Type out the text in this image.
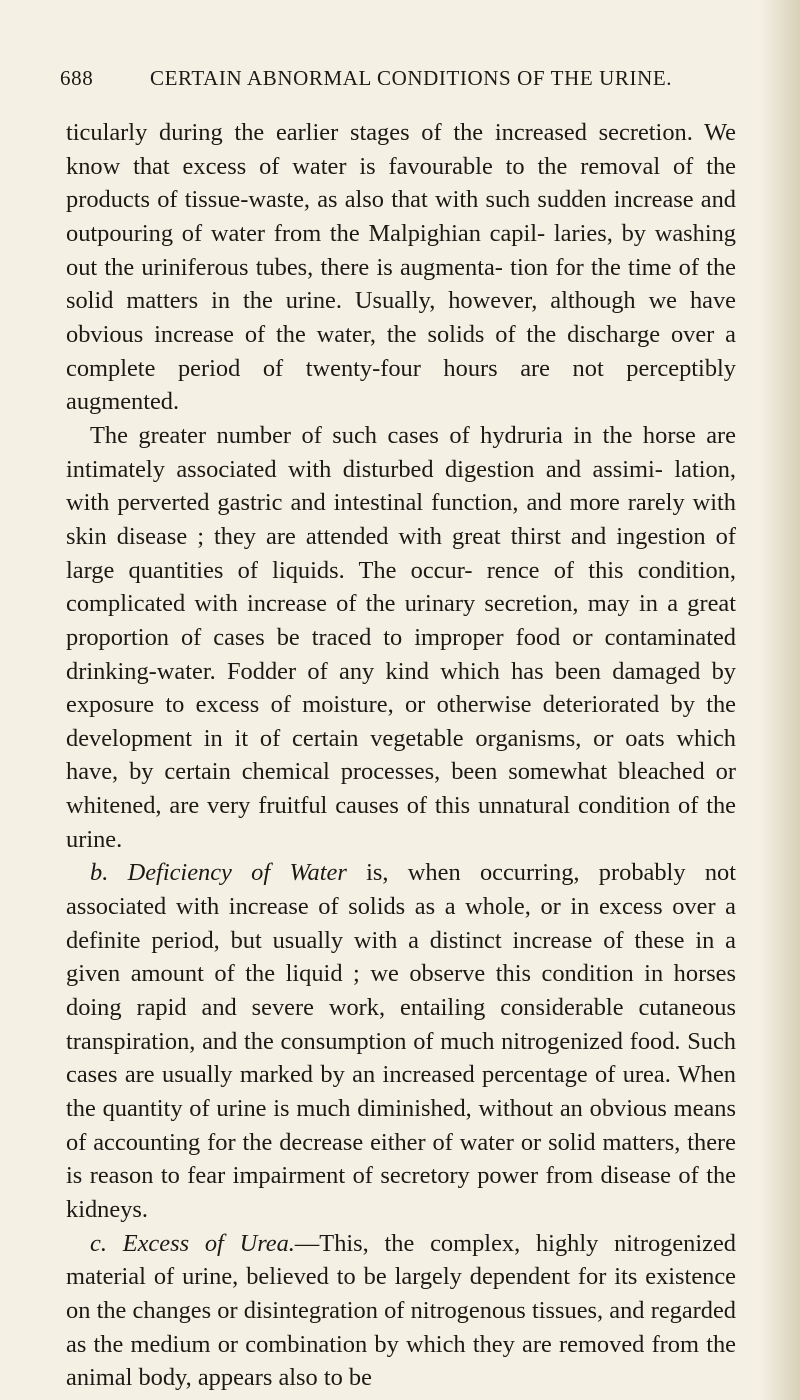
688	CERTAIN ABNORMAL CONDITIONS OF THE URINE.

ticularly during the earlier stages of the increased secretion. We know that excess of water is favourable to the removal of the products of tissue-waste, as also that with such sudden increase and outpouring of water from the Malpighian capil- laries, by washing out the uriniferous tubes, there is augmenta- tion for the time of the solid matters in the urine. Usually, however, although we have obvious increase of the water, the solids of the discharge over a complete period of twenty-four hours are not perceptibly augmented.

The greater number of such cases of hydruria in the horse are intimately associated with disturbed digestion and assimi- lation, with perverted gastric and intestinal function, and more rarely with skin disease ; they are attended with great thirst and ingestion of large quantities of liquids. The occur- rence of this condition, complicated with increase of the urinary secretion, may in a great proportion of cases be traced to improper food or contaminated drinking-water. Fodder of any kind which has been damaged by exposure to excess of moisture, or otherwise deteriorated by the development in it of certain vegetable organisms, or oats which have, by certain chemical processes, been somewhat bleached or whitened, are very fruitful causes of this unnatural condition of the urine.

b. Deficiency of Water is, when occurring, probably not associated with increase of solids as a whole, or in excess over a definite period, but usually with a distinct increase of these in a given amount of the liquid ; we observe this condition in horses doing rapid and severe work, entailing considerable cutaneous transpiration, and the consumption of much nitrogenized food. Such cases are usually marked by an increased percentage of urea. When the quantity of urine is much diminished, without an obvious means of accounting for the decrease either of water or solid matters, there is reason to fear impairment of secretory power from disease of the kidneys.

c. Excess of Urea.—This, the complex, highly nitrogenized material of urine, believed to be largely dependent for its existence on the changes or disintegration of nitrogenous tissues, and regarded as the medium or combination by which they are removed from the animal body, appears also to be
